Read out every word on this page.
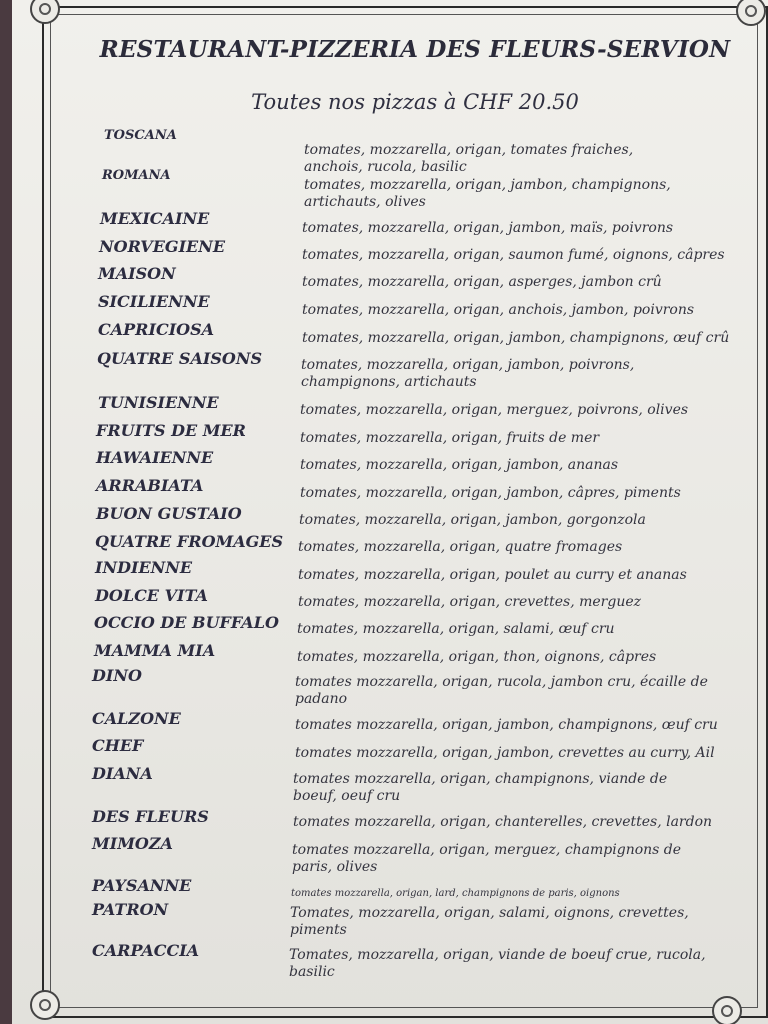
RESTAURANT-PIZZERIA DES FLEURS-SERVION
Toutes nos pizzas à CHF 20.50
TOSCANA
tomates, mozzarella, origan, tomates fraiches, anchois, rucola, basilic
ROMANA
tomates, mozzarella, origan, jambon, champignons, artichauts, olives
MEXICAINE	tomates, mozzarella, origan, jambon, maïs, poivrons
NORVEGIENE	tomates, mozzarella, origan, saumon fumé, oignons, câpres
MAISON	tomates, mozzarella, origan, asperges, jambon crû
SICILIENNE	tomates, mozzarella, origan, anchois, jambon, poivrons
CAPRICIOSA	tomates, mozzarella, origan, jambon, champignons, œuf crû
QUATRE SAISONS	tomates, mozzarella, origan, jambon, poivrons, champignons, artichauts
TUNISIENNE	tomates, mozzarella, origan, merguez, poivrons, olives
FRUITS DE MER	tomates, mozzarella, origan, fruits de mer
HAWAIENNE	tomates, mozzarella, origan, jambon, ananas
ARRABIATA	tomates, mozzarella, origan, jambon, câpres, piments
BUON GUSTAIO	tomates, mozzarella, origan, jambon, gorgonzola
QUATRE FROMAGES tomates, mozzarella, origan, quatre fromages
INDIENNE	tomates, mozzarella, origan, poulet au curry et ananas
DOLCE VITA	tomates, mozzarella, origan, crevettes, merguez
OCCIO DE BUFFALO tomates, mozzarella, origan, salami, œuf cru
MAMMA MIA	tomates, mozzarella, origan, thon, oignons, câpres
DINO	tomates mozzarella, origan, rucola, jambon cru, écaille de padano
CALZONE	tomates mozzarella, origan, jambon, champignons, œuf cru
CHEF	tomates mozzarella, origan, jambon, crevettes au curry, Ail
DIANA	tomates mozzarella, origan, champignons, viande de boeuf, oeuf cru
DES FLEURS	tomates mozzarella, origan, chanterelles, crevettes, lardon
MIMOZA	tomates mozzarella, origan, merguez, champignons de paris, olives
PAYSANNE	tomates mozzarella, origan, lard, champignons de paris, oignons
PATRON	Tomates, mozzarella, origan, salami, oignons, crevettes, piments
CARPACCIA	Tomates, mozzarella, origan, viande de boeuf crue, rucola, basilic
